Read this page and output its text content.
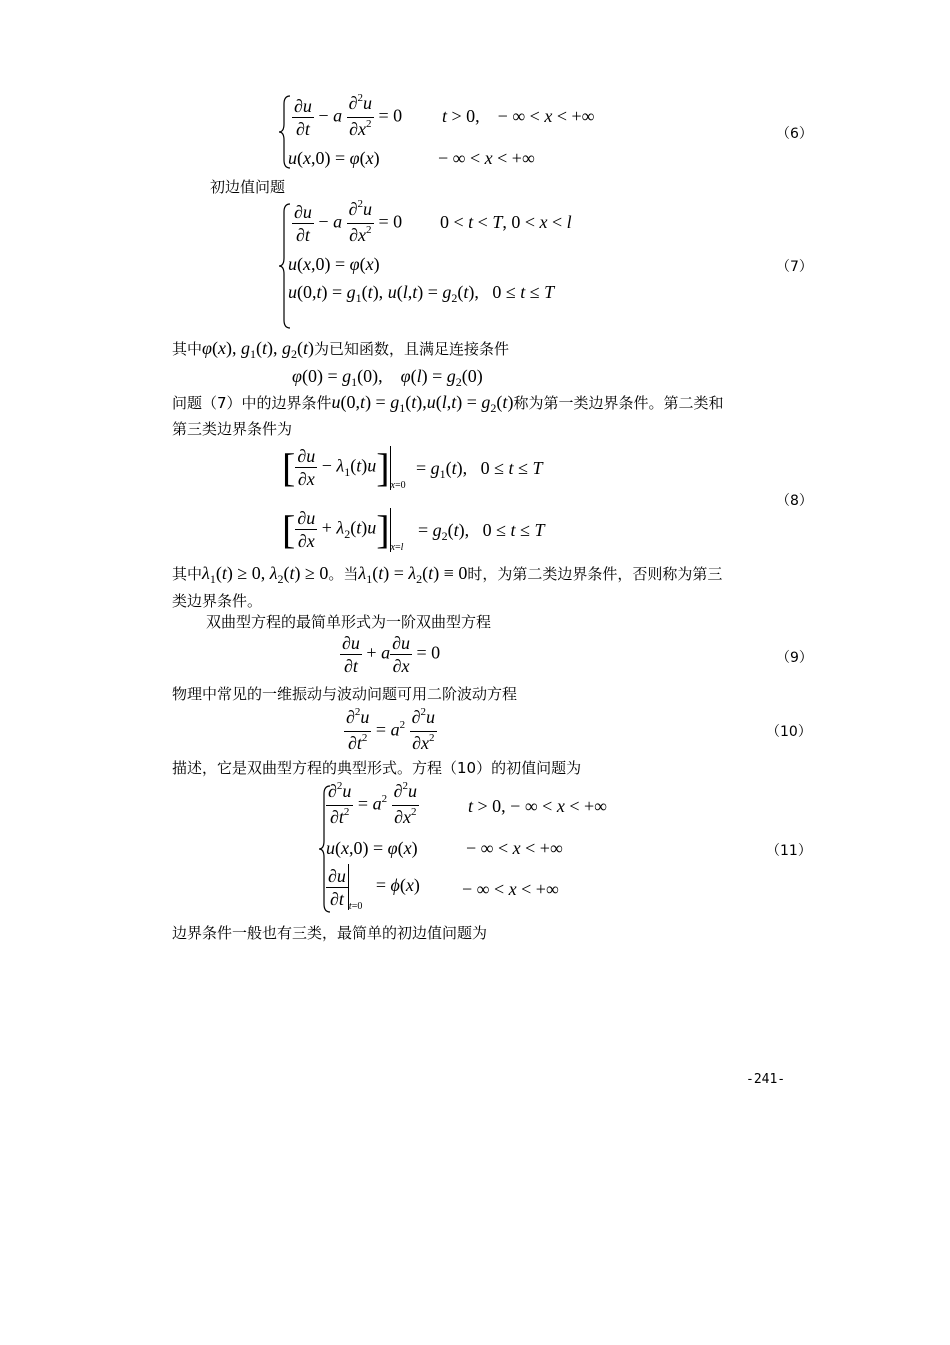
$\frac{\partial u}{\partial t} - a \frac{\partial^2u}{\partial x^2} = 0$ t > 0,    − ∞ < x < +∞
u(x,0) = φ(x)	− ∞ < x < +∞
（6）
初边值问题
$\frac{\partial u}{\partial t} - a \frac{\partial^2u}{\partial x^2} = 0$ 0 < t < T, 0 < x < l
u(x,0) = φ(x)
$u(0,t) = g_1(t)$, $u(l,t) = g_2(t)$,   0 ≤ t ≤ T
（7）
其中φ(x), $g_1(t)$, $g_2(t)$为已知函数，且满足连接条件
$\varphi(0) = g_1(0)$,    $\varphi(l) = g_2(0)$
问题（7）中的边界条件$u(0,t) = g_1(t),u(l,t) = g_2(t)$称为第一类边界条件。第二类和
第三类边界条件为
[ $\frac{\partial u}{\partial x} - \lambda_1(t)u]_{x=0}$
= $g_1(t)$,   0 ≤ t ≤ T
[ $\frac{\partial u}{\partial x} + \lambda_2(t)u]_{x=l}$
= $g_2(t)$,   0 ≤ t ≤ T
（8）
其中$\lambda_1(t) \ge 0$, $\lambda_2(t) \ge 0$。当$\lambda_1(t) = \lambda_2(t) \equiv 0$时，为第二类边界条件，否则称为第三
类边界条件。
双曲型方程的最简单形式为一阶双曲型方程
$\frac{\partial u}{\partial t} + a \frac{\partial u}{\partial x} = 0$	（9）
物理中常见的一维振动与波动问题可用二阶波动方程
$\frac{\partial^2u}{\partial t^2} = a^2 \frac{\partial^2u}{\partial x^2}$	（10）
描述，它是双曲型方程的典型形式。方程（10）的初值问题为
$\frac{\partial^2u}{\partial t^2} = a^2 \frac{\partial^2u}{\partial x^2}$	t > 0, − ∞ < x < +∞
u(x,0) = φ(x)	− ∞ < x < +∞
$\frac{\partial u}{\partial t} _{t=0} = \phi(x)$ − ∞ < x < +∞
（11）
边界条件一般也有三类，最简单的初边值问题为
-241-
